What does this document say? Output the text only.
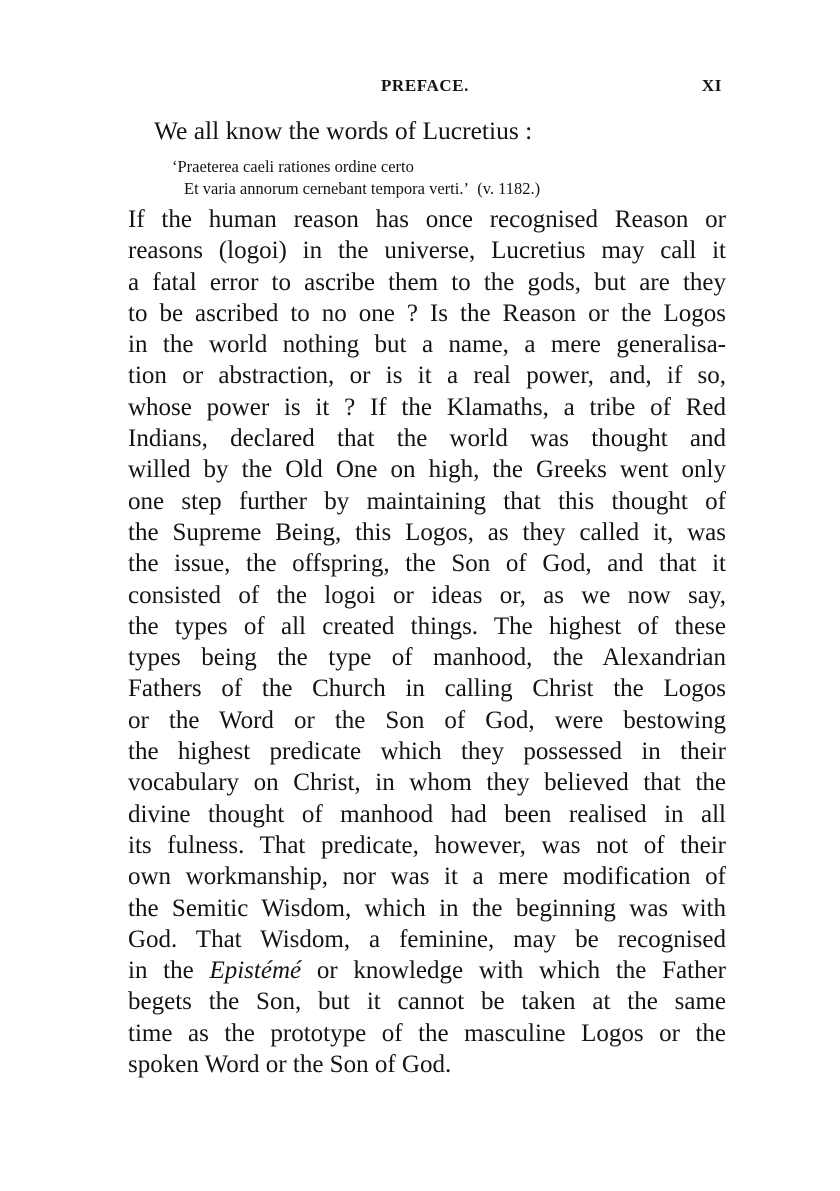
PREFACE.	XI
We all know the words of Lucretius :
‘Praeterea caeli rationes ordine certo
Et varia annorum cernebant tempora verti.’ (v. 1182.)
If the human reason has once recognised Reason or
reasons (logoi) in the universe, Lucretius may call it
a fatal error to ascribe them to the gods, but are they
to be ascribed to no one ? Is the Reason or the Logos
in the world nothing but a name, a mere generalisa-
tion or abstraction, or is it a real power, and, if so,
whose power is it ? If the Klamaths, a tribe of Red
Indians, declared that the world was thought and
willed by the Old One on high, the Greeks went only
one step further by maintaining that this thought of
the Supreme Being, this Logos, as they called it, was
the issue, the offspring, the Son of God, and that it
consisted of the logoi or ideas or, as we now say,
the types of all created things. The highest of these
types being the type of manhood, the Alexandrian
Fathers of the Church in calling Christ the Logos
or the Word or the Son of God, were bestowing
the highest predicate which they possessed in their
vocabulary on Christ, in whom they believed that the
divine thought of manhood had been realised in all
its fulness. That predicate, however, was not of their
own workmanship, nor was it a mere modification of
the Semitic Wisdom, which in the beginning was with
God. That Wisdom, a feminine, may be recognised
in the Epistémé or knowledge with which the Father
begets the Son, but it cannot be taken at the same
time as the prototype of the masculine Logos or the
spoken Word or the Son of God.
